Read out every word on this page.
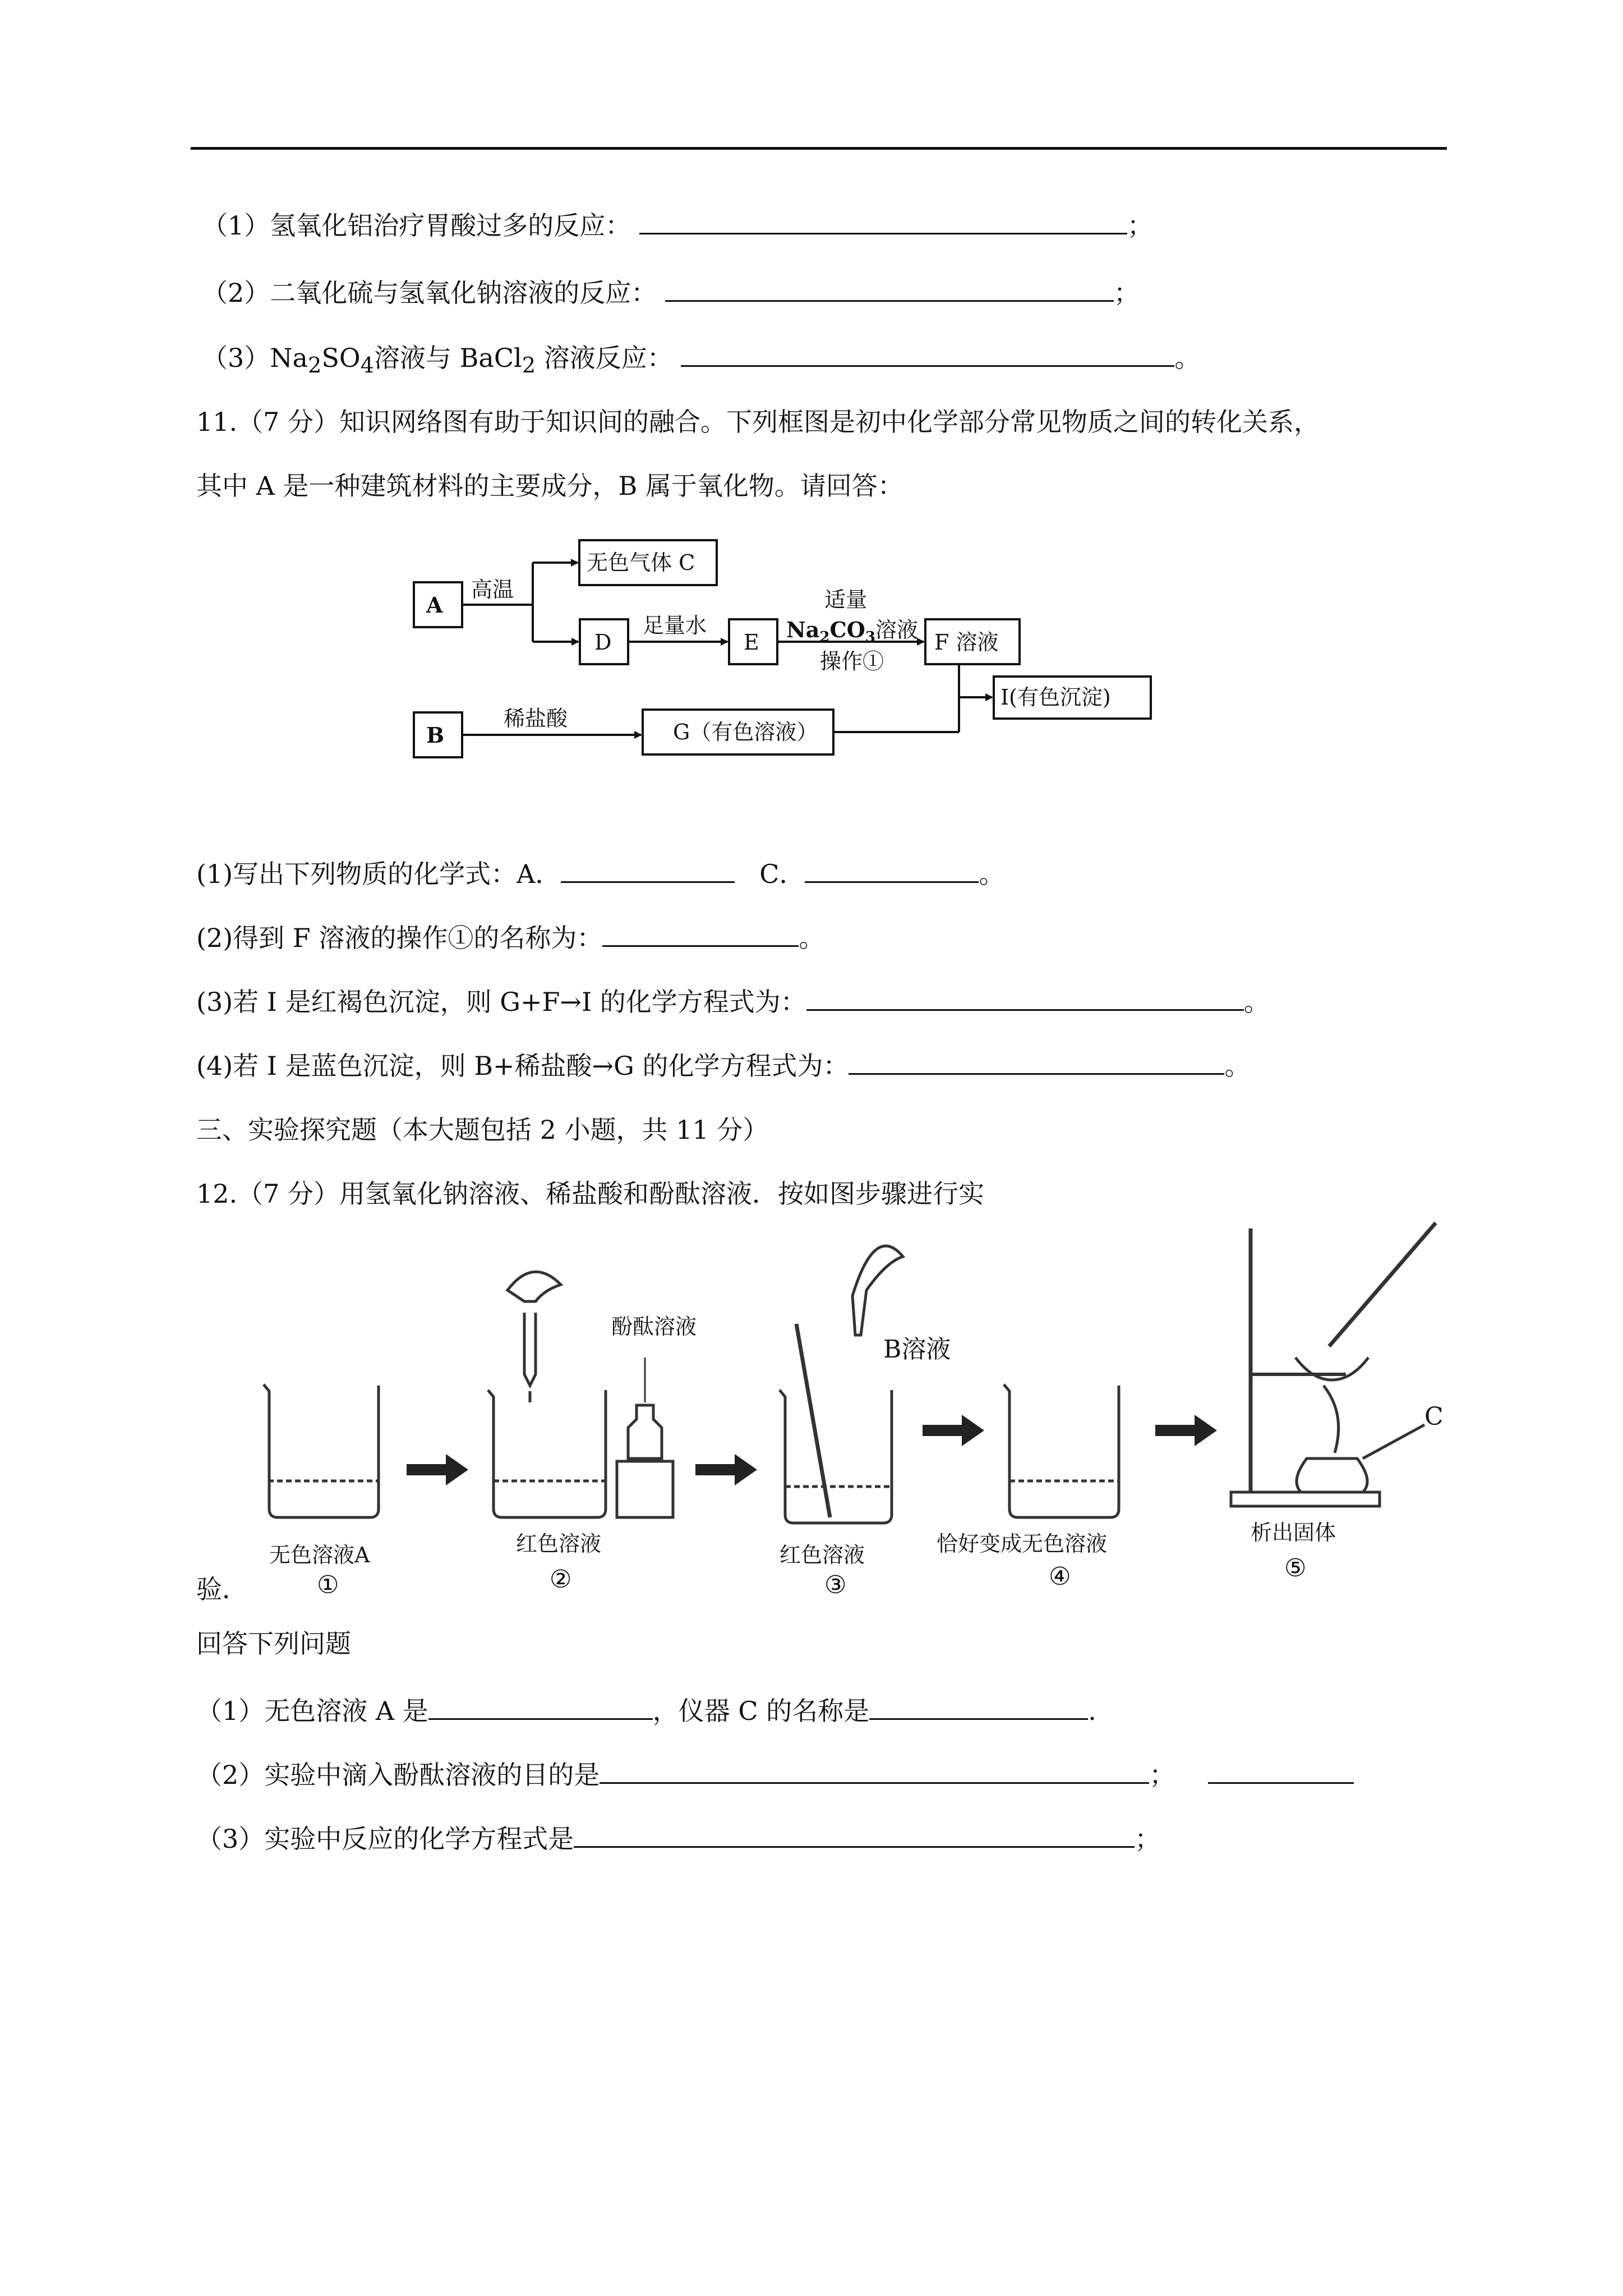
（1）氢氧化铝治疗胃酸过多的反应：	；
（2）二氧化硫与氢氧化钠溶液的反应：	；
$(3)Na_2SO_4$溶液与 BaCl$_2$ 溶液反应：	。
11.（7 分）知识网络图有助于知识间的融合。下列框图是初中化学部分常见物质之间的转化关系，
其中 A 是一种建筑材料的主要成分，B 属于氧化物。请回答：
A
B
无色气体 C
D	E	F 溶液
G（有色溶液）
I(有色沉淀)
高温
足量水
适量
$Na_2CO_3$溶液
操作①
稀盐酸
(1)写出下列物质的化学式：A．	C．	。
(2)得到 F 溶液的操作①的名称为：	。
(3)若 I 是红褐色沉淀，则 G+F→I 的化学方程式为：	。
(4)若 I 是蓝色沉淀，则 B+稀盐酸→G 的化学方程式为：	。
三、实验探究题（本大题包括 2 小题，共 11 分）
12.（7 分）用氢氧化钠溶液、稀盐酸和酚酞溶液．按如图步骤进行实
酚酞溶液
B溶液
C
无色溶液A
①
红色溶液
②
红色溶液
③
恰好变成无色溶液
④
析出固体
⑤
验．
回答下列问题
（1）无色溶液 A 是	，仪器 C 的名称是	.
（2）实验中滴入酚酞溶液的目的是	；
（3）实验中反应的化学方程式是	；
